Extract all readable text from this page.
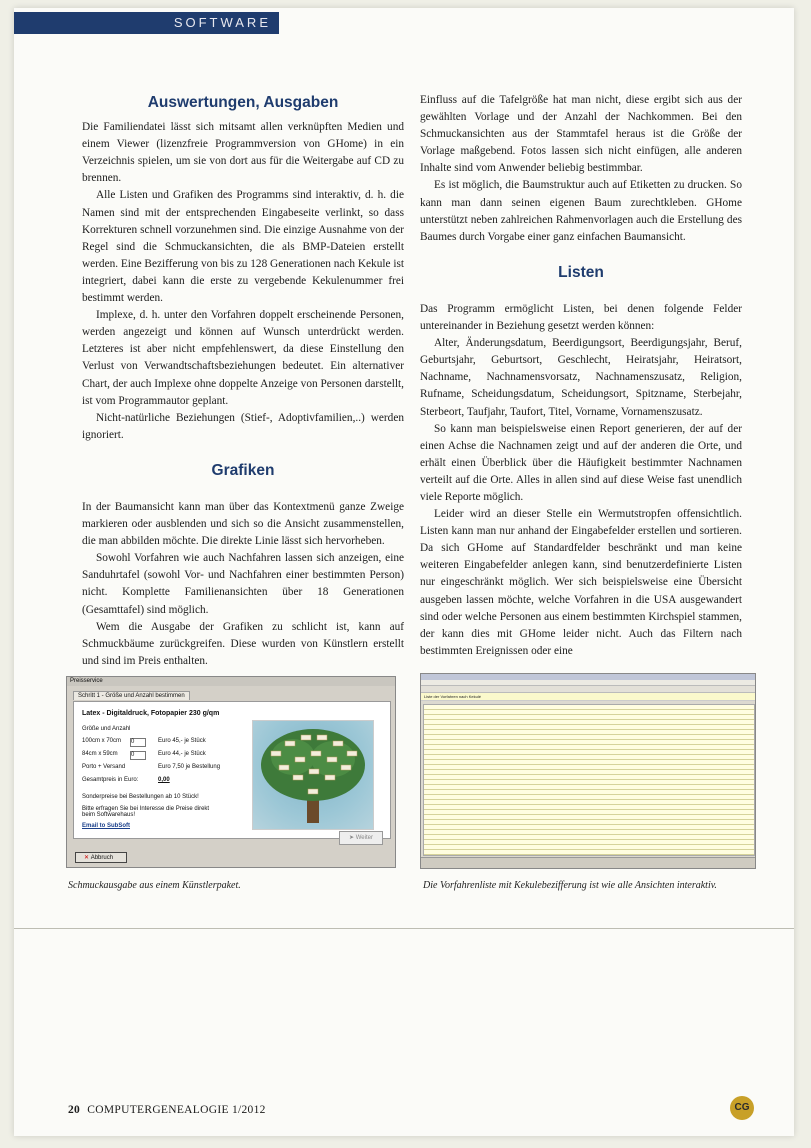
SOFTWARE
Auswertungen, Ausgaben

Die Familiendatei lässt sich mitsamt allen verknüpften Medien und einem Viewer (lizenzfreie Programmversion von GHome) in ein Verzeichnis spielen, um sie von dort aus für die Weitergabe auf CD zu brennen.

Alle Listen und Grafiken des Programms sind interaktiv, d. h. die Namen sind mit der entsprechenden Eingabeseite verlinkt, so dass Korrekturen schnell vorzunehmen sind. Die einzige Ausnahme von der Regel sind die Schmuckansichten, die als BMP-Dateien erstellt werden. Eine Bezifferung von bis zu 128 Generationen nach Kekule ist integriert, dabei kann die erste zu vergebende Kekulenummer frei bestimmt werden.

Implexe, d. h. unter den Vorfahren doppelt erscheinende Personen, werden angezeigt und können auf Wunsch unterdrückt werden. Letzteres ist aber nicht empfehlenswert, da diese Einstellung den Verlust von Verwandtschaftsbeziehungen bedeutet. Ein alternativer Chart, der auch Implexe ohne doppelte Anzeige von Personen darstellt, ist vom Programmautor geplant.

Nicht-natürliche Beziehungen (Stief-, Adoptivfamilien,..) werden ignoriert.

Grafiken

In der Baumansicht kann man über das Kontextmenü ganze Zweige markieren oder ausblenden und sich so die Ansicht zusammenstellen, die man abbilden möchte. Die direkte Linie lässt sich hervorheben.

Sowohl Vorfahren wie auch Nachfahren lassen sich anzeigen, eine Sanduhrtafel (sowohl Vor- und Nachfahren einer bestimmten Person) nicht. Komplette Familienansichten über 18 Generationen (Gesamttafel) sind möglich.

Wem die Ausgabe der Grafiken zu schlicht ist, kann auf Schmuckbäume zurückgreifen. Diese wurden von Künstlern erstellt und sind im Preis enthalten.

Einfluss auf die Tafelgröße hat man nicht, diese ergibt sich aus der gewählten Vorlage und der Anzahl der Nachkommen. Bei den Schmuckansichten aus der Stammtafel heraus ist die Größe der Vorlage maßgebend. Fotos lassen sich nicht einfügen, alle anderen Inhalte sind vom Anwender beliebig bestimmbar.

Es ist möglich, die Baumstruktur auch auf Etiketten zu drucken. So kann man dann seinen eigenen Baum zurechtkleben. GHome unterstützt neben zahlreichen Rahmenvorlagen auch die Erstellung des Baumes durch Vorgabe einer ganz einfachen Baumansicht.

Listen

Das Programm ermöglicht Listen, bei denen folgende Felder untereinander in Beziehung gesetzt werden können:

Alter, Änderungsdatum, Beerdigungsort, Beerdigungsjahr, Beruf, Geburtsjahr, Geburtsort, Geschlecht, Heiratsjahr, Heiratsort, Nachname, Nachnamensvorsatz, Nachnamenszusatz, Religion, Rufname, Scheidungsdatum, Scheidungsort, Spitzname, Sterbejahr, Sterbeort, Taufjahr, Taufort, Titel, Vorname, Vornamenszusatz.

So kann man beispielsweise einen Report generieren, der auf der einen Achse die Nachnamen zeigt und auf der anderen die Orte, und erhält einen Überblick über die Häufigkeit bestimmter Nachnamen verteilt auf die Orte. Alles in allen sind auf diese Weise fast unendlich viele Reporte möglich.

Leider wird an dieser Stelle ein Wermutstropfen offensichtlich. Listen kann man nur anhand der Eingabefelder erstellen und sortieren. Da sich GHome auf Standardfelder beschränkt und man keine weiteren Eingabefelder anlegen kann, sind benutzerdefinierte Listen nur eingeschränkt möglich. Wer sich beispielsweise eine Übersicht ausgeben lassen möchte, welche Vorfahren in die USA ausgewandert sind oder welche Personen aus einem bestimmten Kirchspiel stammen, der kann dies mit GHome leider nicht. Auch das Filtern nach bestimmten Ereignissen oder eine

Preisservice
Schritt 1 - Größe und Anzahl bestimmen
Latex - Digitaldruck, Fotopapier 230 g/qm
Größe und Anzahl
100cm x 70cm 0	Euro 45,- je Stück
84cm x 59cm 0	Euro 44,- je Stück
Porto + Versand	Euro 7,50 je Bestellung
Gesamtpreis in Euro:	0,00
Sonderpreise bei Bestellungen ab 10 Stück!
Bitte erfragen Sie bei Interesse die Preise direkt beim Softwarehaus!
Email to SubSoft
➤ Weiter
✕ Abbruch
Liste der Vorfahren nach Kekulé
Schmuckausgabe aus einem Künstlerpaket.	Die Vorfahrenliste mit Kekulebezifferung ist wie alle Ansichten interaktiv.
20 COMPUTERGENEALOGIE 1/2012	CG
